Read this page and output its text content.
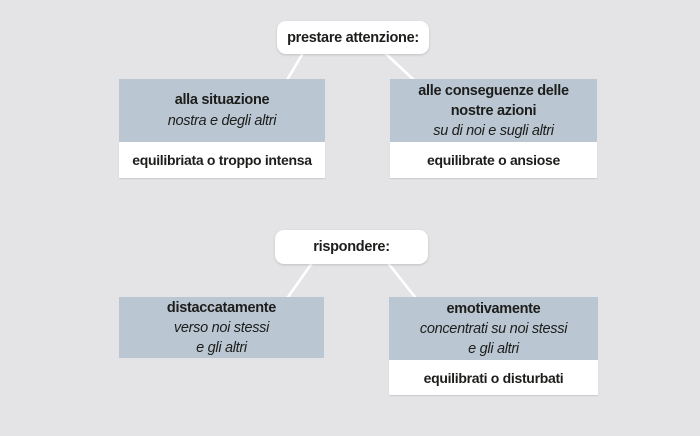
prestare attenzione:
alla situazione
nostra e degli altri
equilibriata o troppo intensa
alle conseguenze delle
nostre azioni
su di noi e sugli altri
equilibrate o ansiose
rispondere:
distaccatamente
verso noi stessi
e gli altri
emotivamente
concentrati su noi stessi
e gli altri
equilibrati o disturbati
